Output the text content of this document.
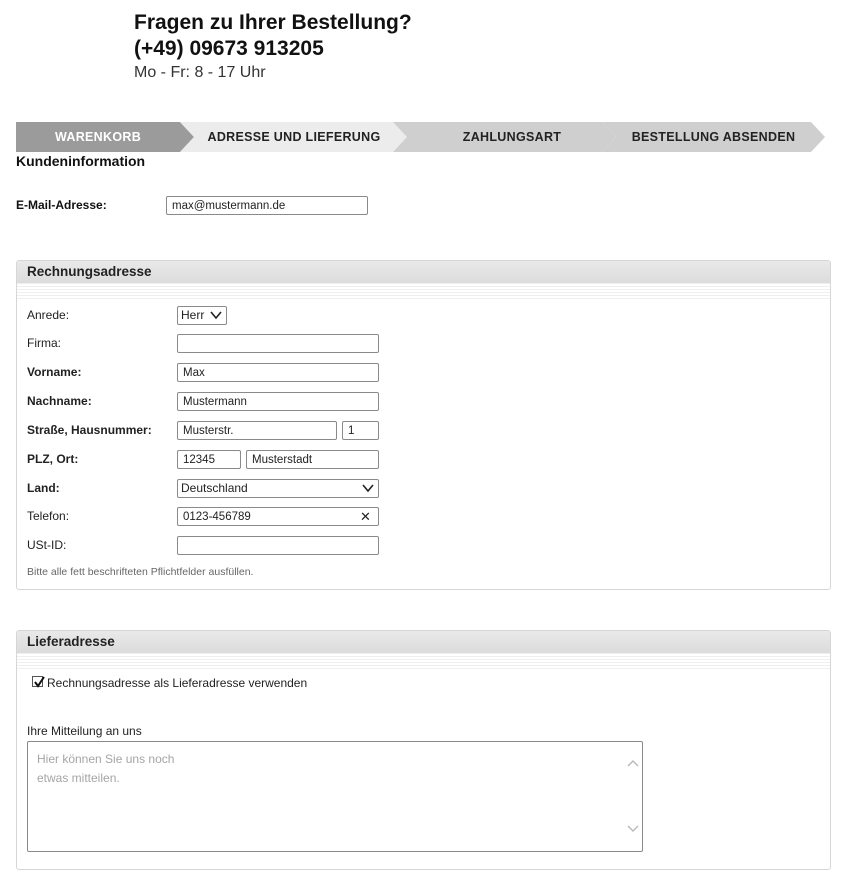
Fragen zu Ihrer Bestellung?
(+49) 09673 913205
Mo - Fr: 8 - 17 Uhr
WARENKORB	ADRESSE UND LIEFERUNG	ZAHLUNGSART	BESTELLUNG ABSENDEN
Kundeninformation
E-Mail-Adresse:
max@mustermann.de
Rechnungsadresse
Anrede:	Herr
Firma:
Vorname:
Max
Nachname:
Mustermann
Straße, Hausnummer:
Musterstr.
1
PLZ, Ort:
12345
Musterstadt
Land:	Deutschland
Telefon:
0123-456789	✕
USt-ID:
Bitte alle fett beschrifteten Pflichtfelder ausfüllen.
Lieferadresse
Rechnungsadresse als Lieferadresse verwenden
Ihre Mitteilung an uns
Hier können Sie uns noch etwas mitteilen.
